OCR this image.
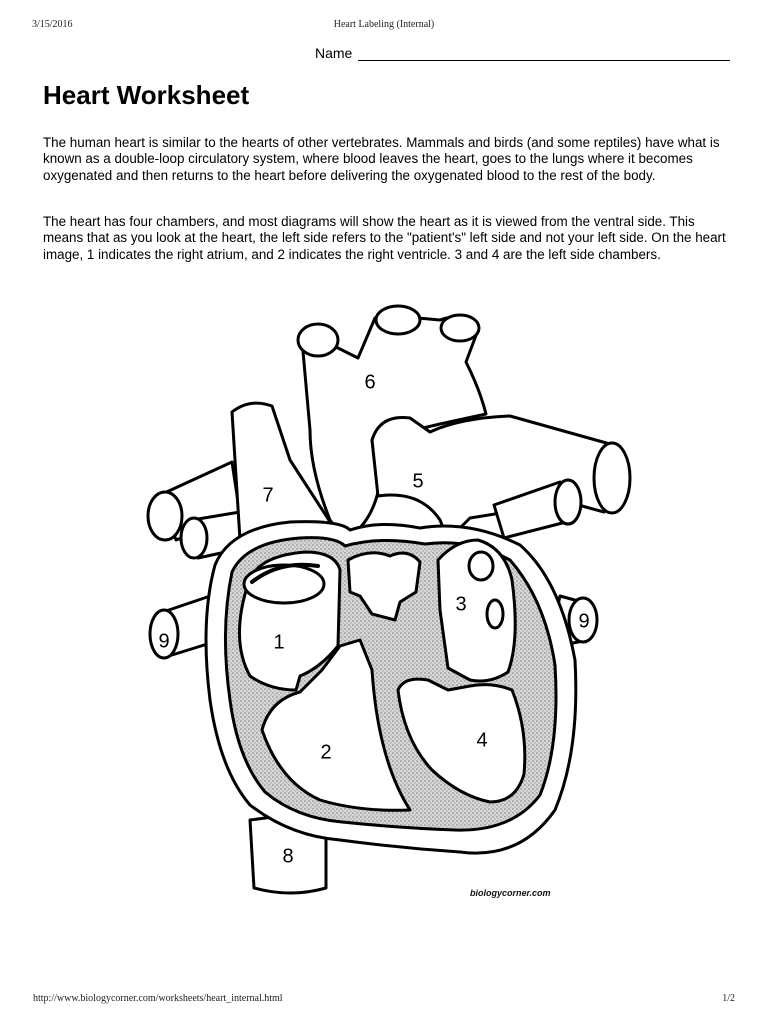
3/15/2016	Heart Labeling (Internal)
Name
Heart Worksheet

The human heart is similar to the hearts of other vertebrates. Mammals and birds (and some reptiles) have what is known as a double-loop circulatory system, where blood leaves the heart, goes to the lungs where it becomes oxygenated and then returns to the heart before delivering the oxygenated blood to the rest of the body.

The heart has four chambers, and most diagrams will show the heart as it is viewed from the ventral side. This means that as you look at the heart, the left side refers to the "patient's" left side and not your left side. On the heart image, 1 indicates the right atrium, and 2 indicates the right ventricle. 3 and 4 are the left side chambers.

1
2
3
4
5
6
7
8
9
9
biologycorner.com
http://www.biologycorner.com/worksheets/heart_internal.html	1/2
